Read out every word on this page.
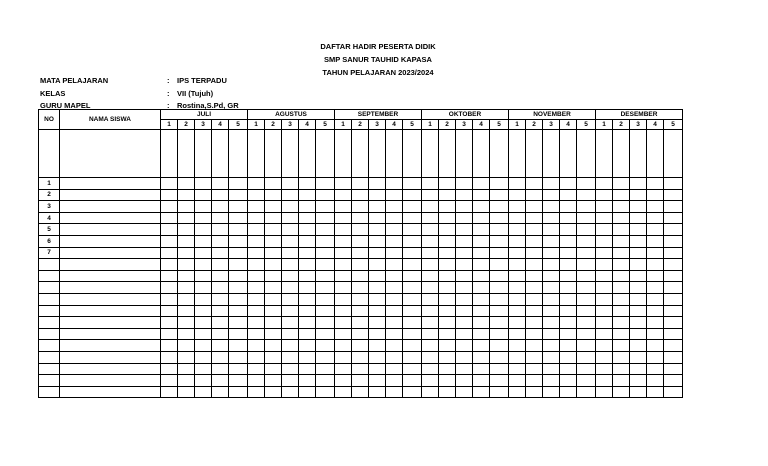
DAFTAR HADIR PESERTA DIDIK
SMP SANUR TAUHID KAPASA
TAHUN PELAJARAN 2023/2024
MATA PELAJARAN	: IPS TERPADU
KELAS	: VII (Tujuh)
GURU MAPEL	: Rostina,S.Pd, GR
NO	NAMA SISWA	JULI					AGUSTUS					SEPTEMBER					OKTOBER					NOVEMBER					DESEMBER				
		1	2	3	4	5	1	2	3	4	5	1	2	3	4	5	1	2	3	4	5	1	2	3	4	5	1	2	3	4	5

1																															
2																															
3																															
4																															
5																															
6																															
7																															
